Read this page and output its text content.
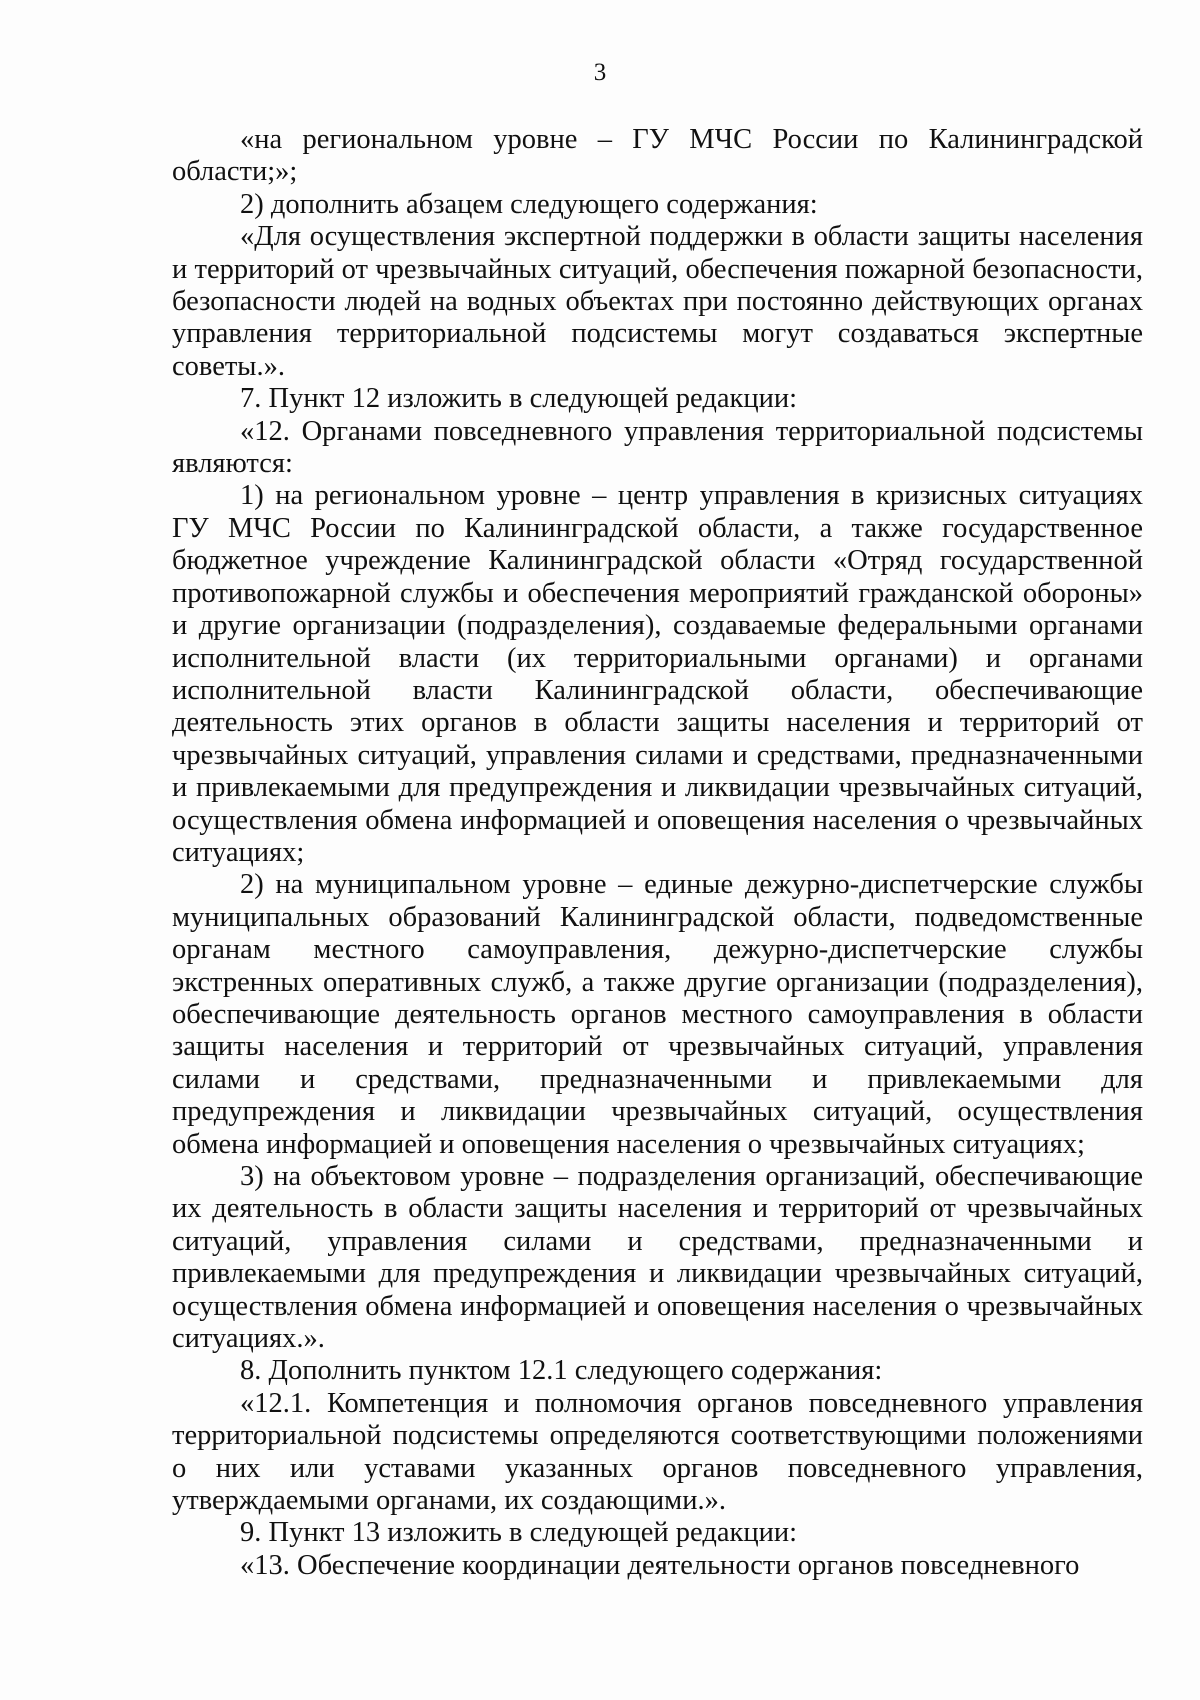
3

«на региональном уровне – ГУ МЧС России по Калининградской области;»;

2) дополнить абзацем следующего содержания:

«Для осуществления экспертной поддержки в области защиты населения и территорий от чрезвычайных ситуаций, обеспечения пожарной безопасности, безопасности людей на водных объектах при постоянно действующих органах управления территориальной подсистемы могут создаваться экспертные советы.».

7. Пункт 12 изложить в следующей редакции:

«12. Органами повседневного управления территориальной подсистемы являются:

1) на региональном уровне – центр управления в кризисных ситуациях ГУ МЧС России по Калининградской области, а также государственное бюджетное учреждение Калининградской области «Отряд государственной противопожарной службы и обеспечения мероприятий гражданской обороны» и другие организации (подразделения), создаваемые федеральными органами исполнительной власти (их территориальными органами) и органами исполнительной власти Калининградской области, обеспечивающие деятельность этих органов в области защиты населения и территорий от чрезвычайных ситуаций, управления силами и средствами, предназначенными и привлекаемыми для предупреждения и ликвидации чрезвычайных ситуаций, осуществления обмена информацией и оповещения населения о чрезвычайных ситуациях;

2) на муниципальном уровне – единые дежурно-диспетчерские службы муниципальных образований Калининградской области, подведомственные органам местного самоуправления, дежурно-диспетчерские службы экстренных оперативных служб, а также другие организации (подразделения), обеспечивающие деятельность органов местного самоуправления в области защиты населения и территорий от чрезвычайных ситуаций, управления силами и средствами, предназначенными и привлекаемыми для предупреждения и ликвидации чрезвычайных ситуаций, осуществления обмена информацией и оповещения населения о чрезвычайных ситуациях;

3) на объектовом уровне – подразделения организаций, обеспечивающие их деятельность в области защиты населения и территорий от чрезвычайных ситуаций, управления силами и средствами, предназначенными и привлекаемыми для предупреждения и ликвидации чрезвычайных ситуаций, осуществления обмена информацией и оповещения населения о чрезвычайных ситуациях.».

8. Дополнить пунктом 12.1 следующего содержания:

«12.1. Компетенция и полномочия органов повседневного управления территориальной подсистемы определяются соответствующими положениями о них или уставами указанных органов повседневного управления, утверждаемыми органами, их создающими.».

9. Пункт 13 изложить в следующей редакции:

«13. Обеспечение координации деятельности органов повседневного
